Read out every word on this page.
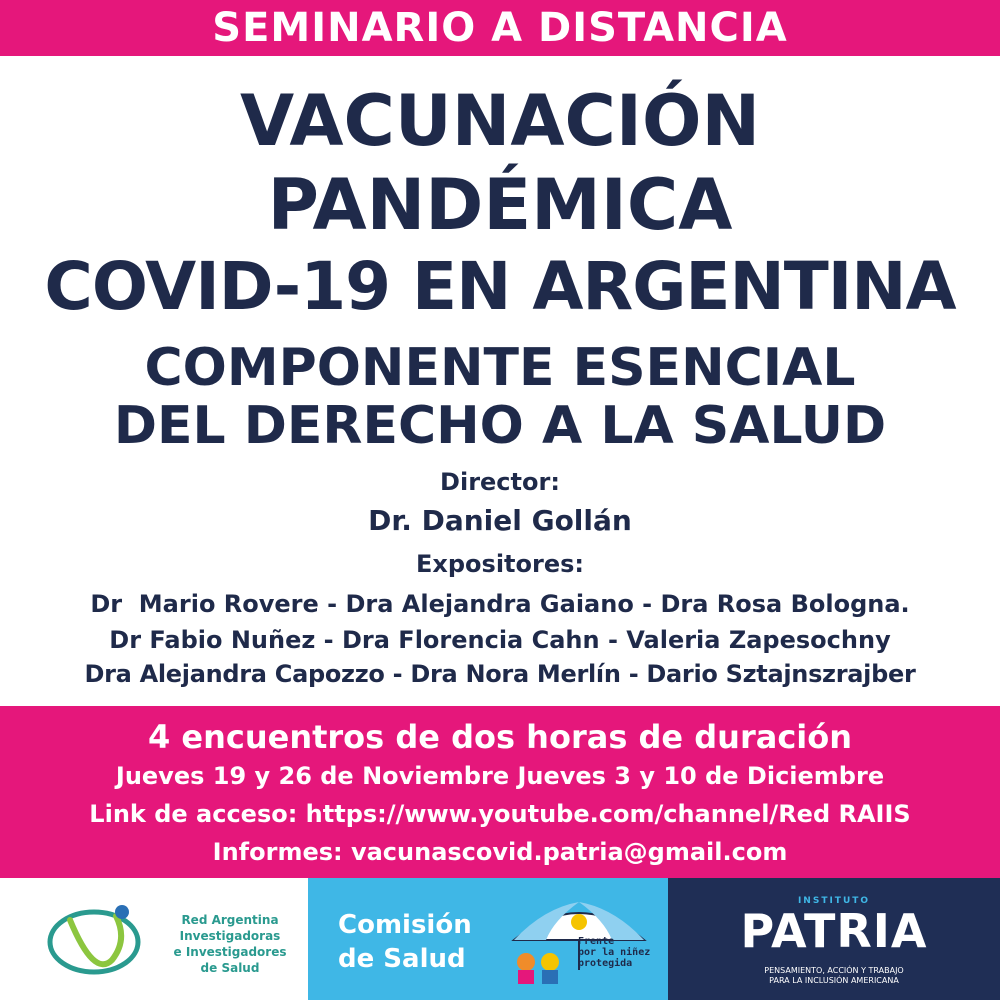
SEMINARIO A DISTANCIA
VACUNACIÓN
PANDÉMICA
COVID-19 EN ARGENTINA
COMPONENTE ESENCIAL
DEL DERECHO A LA SALUD
Director:
Dr. Daniel Gollán
Expositores:
Dr  Mario Rovere - Dra Alejandra Gaiano - Dra Rosa Bologna.
Dr Fabio Nuñez - Dra Florencia Cahn - Valeria Zapesochny
Dra Alejandra Capozzo - Dra Nora Merlín - Dario Sztajnszrajber
4 encuentros de dos horas de duración
Jueves 19 y 26 de Noviembre Jueves 3 y 10 de Diciembre
Link de acceso: https://www.youtube.com/channel/Red RAIIS
Informes: vacunascovid.patria@gmail.com
Red Argentina
Investigadoras
e Investigadores
de Salud
Comisión
de Salud
Frente
por la niñez
protegida
INSTITUTO
PATRIA
PENSAMIENTO, ACCIÓN Y TRABAJO
PARA LA INCLUSIÓN AMERICANA
